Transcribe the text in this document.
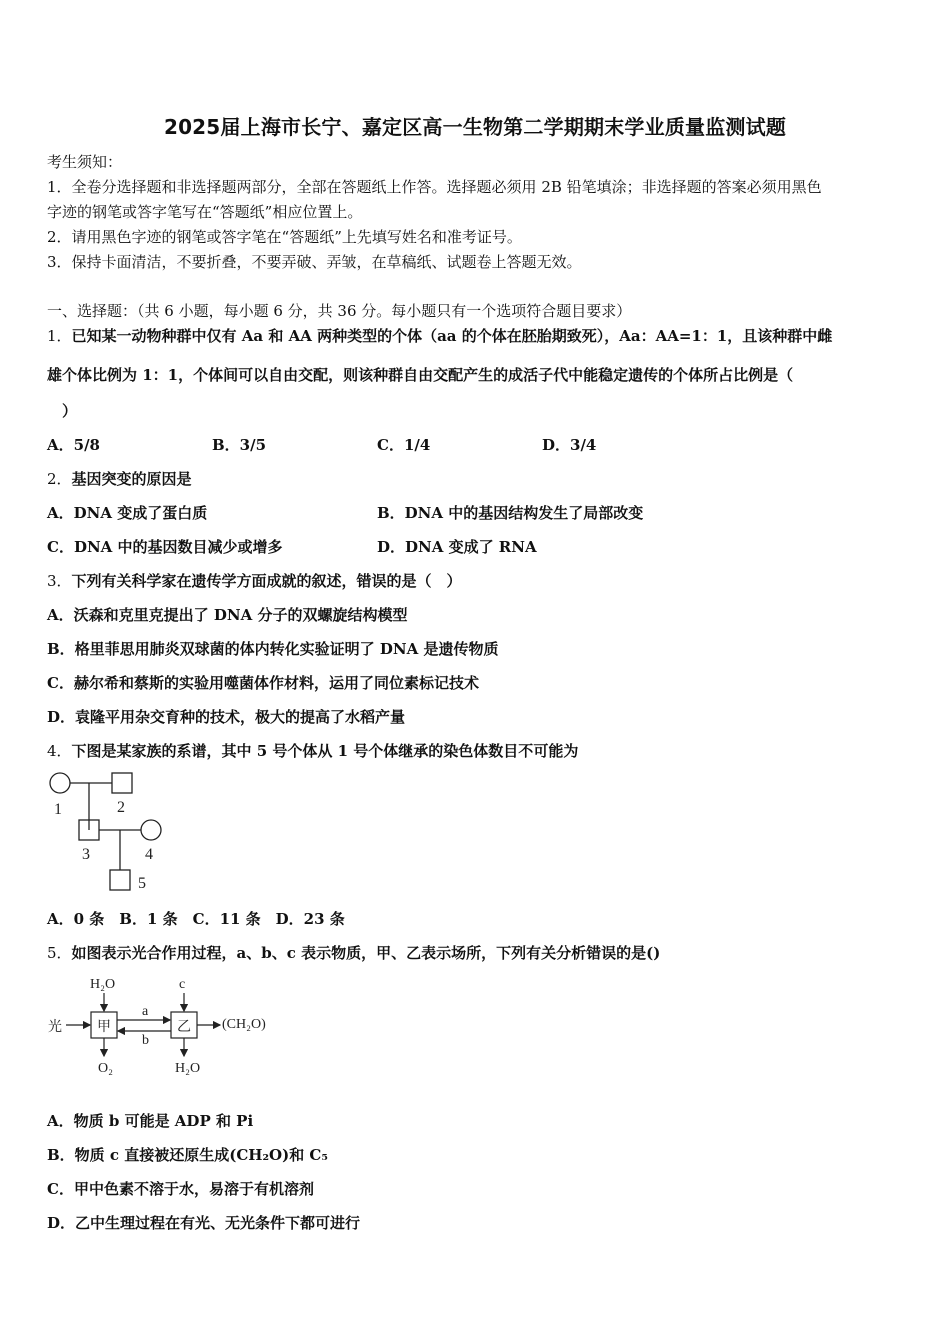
2025届上海市长宁、嘉定区高一生物第二学期期末学业质量监测试题
考生须知：
1．全卷分选择题和非选择题两部分，全部在答题纸上作答。选择题必须用 2B 铅笔填涂；非选择题的答案必须用黑色
字迹的钢笔或答字笔写在“答题纸”相应位置上。
2．请用黑色字迹的钢笔或答字笔在“答题纸”上先填写姓名和准考证号。
3．保持卡面清洁，不要折叠，不要弄破、弄皱，在草稿纸、试题卷上答题无效。
一、选择题：（共 6 小题，每小题 6 分，共 36 分。每小题只有一个选项符合题目要求）
1．已知某一动物种群中仅有 Aa 和 AA 两种类型的个体（aa 的个体在胚胎期致死），Aa：AA=1：1，且该种群中雌
雄个体比例为 1：1，个体间可以自由交配，则该种群自由交配产生的成活子代中能稳定遗传的个体所占比例是（
）
A．5/8	B．3/5	C．1/4	D．3/4
2．基因突变的原因是
A．DNA 变成了蛋白质	B．DNA 中的基因结构发生了局部改变
C．DNA 中的基因数目减少或增多	D．DNA 变成了 RNA
3．下列有关科学家在遗传学方面成就的叙述，错误的是（　）
A．沃森和克里克提出了 DNA 分子的双螺旋结构模型
B．格里菲思用肺炎双球菌的体内转化实验证明了 DNA 是遗传物质
C．赫尔希和蔡斯的实验用噬菌体作材料，运用了同位素标记技术
D．袁隆平用杂交育种的技术，极大的提高了水稻产量
4．下图是某家族的系谱，其中 5 号个体从 1 号个体继承的染色体数目不可能为
1	2
3	4
5
A．0 条　B．1 条　C．11 条　D．23 条
5．如图表示光合作用过程，a、b、c 表示物质，甲、乙表示场所，下列有关分析错误的是()
光
H₂O	c
a
b
甲	乙 (CH₂O)
O₂	H₂O
A．物质 b 可能是 ADP 和 Pi
B．物质 c 直接被还原生成(CH₂O)和 C₅
C．甲中色素不溶于水，易溶于有机溶剂
D．乙中生理过程在有光、无光条件下都可进行
